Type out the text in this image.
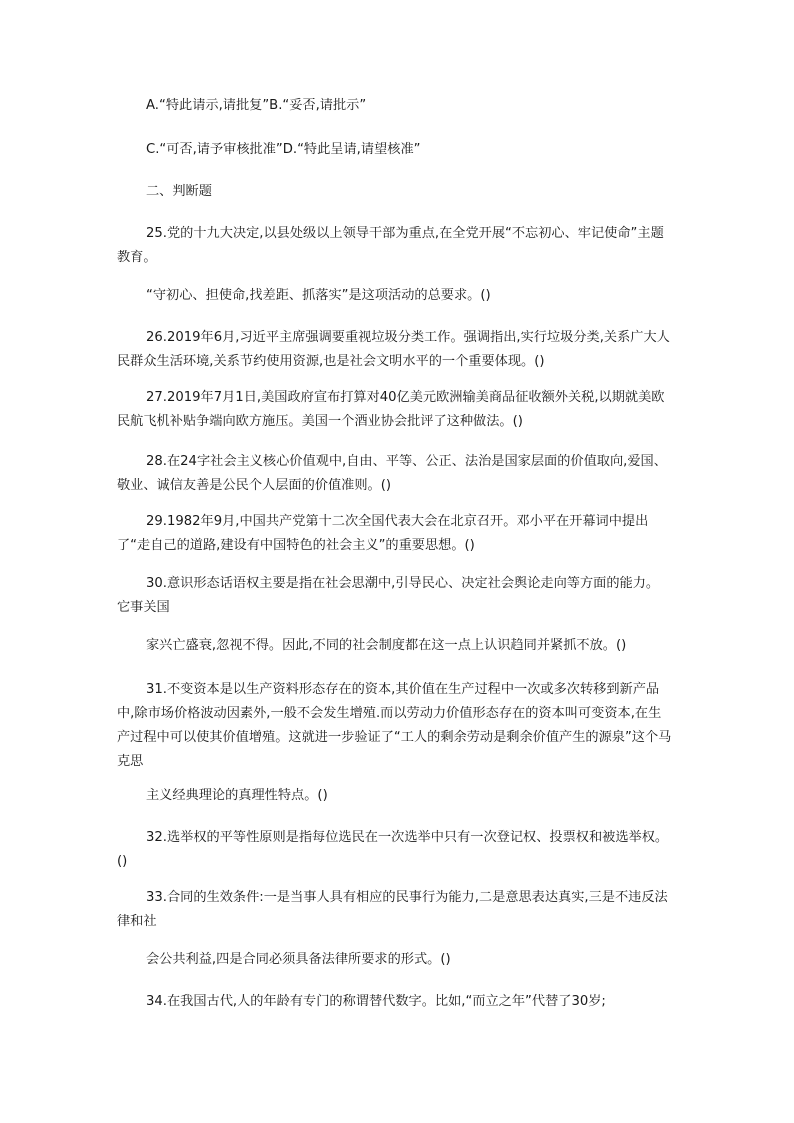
A.“特此请示,请批复”B.“妥否,请批示”

C.“可否,请予审核批准”D.“特此呈请,请望核准”

二、判断题

25.党的十九大决定,以县处级以上领导干部为重点,在全党开展“不忘初心、牢记使命”主题教育。

“守初心、担使命,找差距、抓落实”是这项活动的总要求。()

26.2019年6月,习近平主席强调要重视垃圾分类工作。强调指出,实行垃圾分类,关系广大人民群众生活环境,关系节约使用资源,也是社会文明水平的一个重要体现。()

27.2019年7月1日,美国政府宣布打算对40亿美元欧洲输美商品征收额外关税,以期就美欧民航飞机补贴争端向欧方施压。美国一个酒业协会批评了这种做法。()

28.在24字社会主义核心价值观中,自由、平等、公正、法治是国家层面的价值取向,爱国、敬业、诚信友善是公民个人层面的价值准则。()

29.1982年9月,中国共产党第十二次全国代表大会在北京召开。邓小平在开幕词中提出了“走自己的道路,建设有中国特色的社会主义”的重要思想。()

30.意识形态话语权主要是指在社会思潮中,引导民心、决定社会舆论走向等方面的能力。它事关国

家兴亡盛衰,忽视不得。因此,不同的社会制度都在这一点上认识趋同并紧抓不放。()

31.不变资本是以生产资料形态存在的资本,其价值在生产过程中一次或多次转移到新产品中,除市场价格波动因素外,一般不会发生增殖.而以劳动力价值形态存在的资本叫可变资本,在生产过程中可以使其价值增殖。这就进一步验证了“工人的剩余劳动是剩余价值产生的源泉”这个马克思

主义经典理论的真理性特点。()

32.选举权的平等性原则是指每位选民在一次选举中只有一次登记权、投票权和被选举权。()

33.合同的生效条件:一是当事人具有相应的民事行为能力,二是意思表达真实,三是不违反法律和社

会公共利益,四是合同必须具备法律所要求的形式。()

34.在我国古代,人的年龄有专门的称谓替代数字。比如,“而立之年”代替了30岁;
